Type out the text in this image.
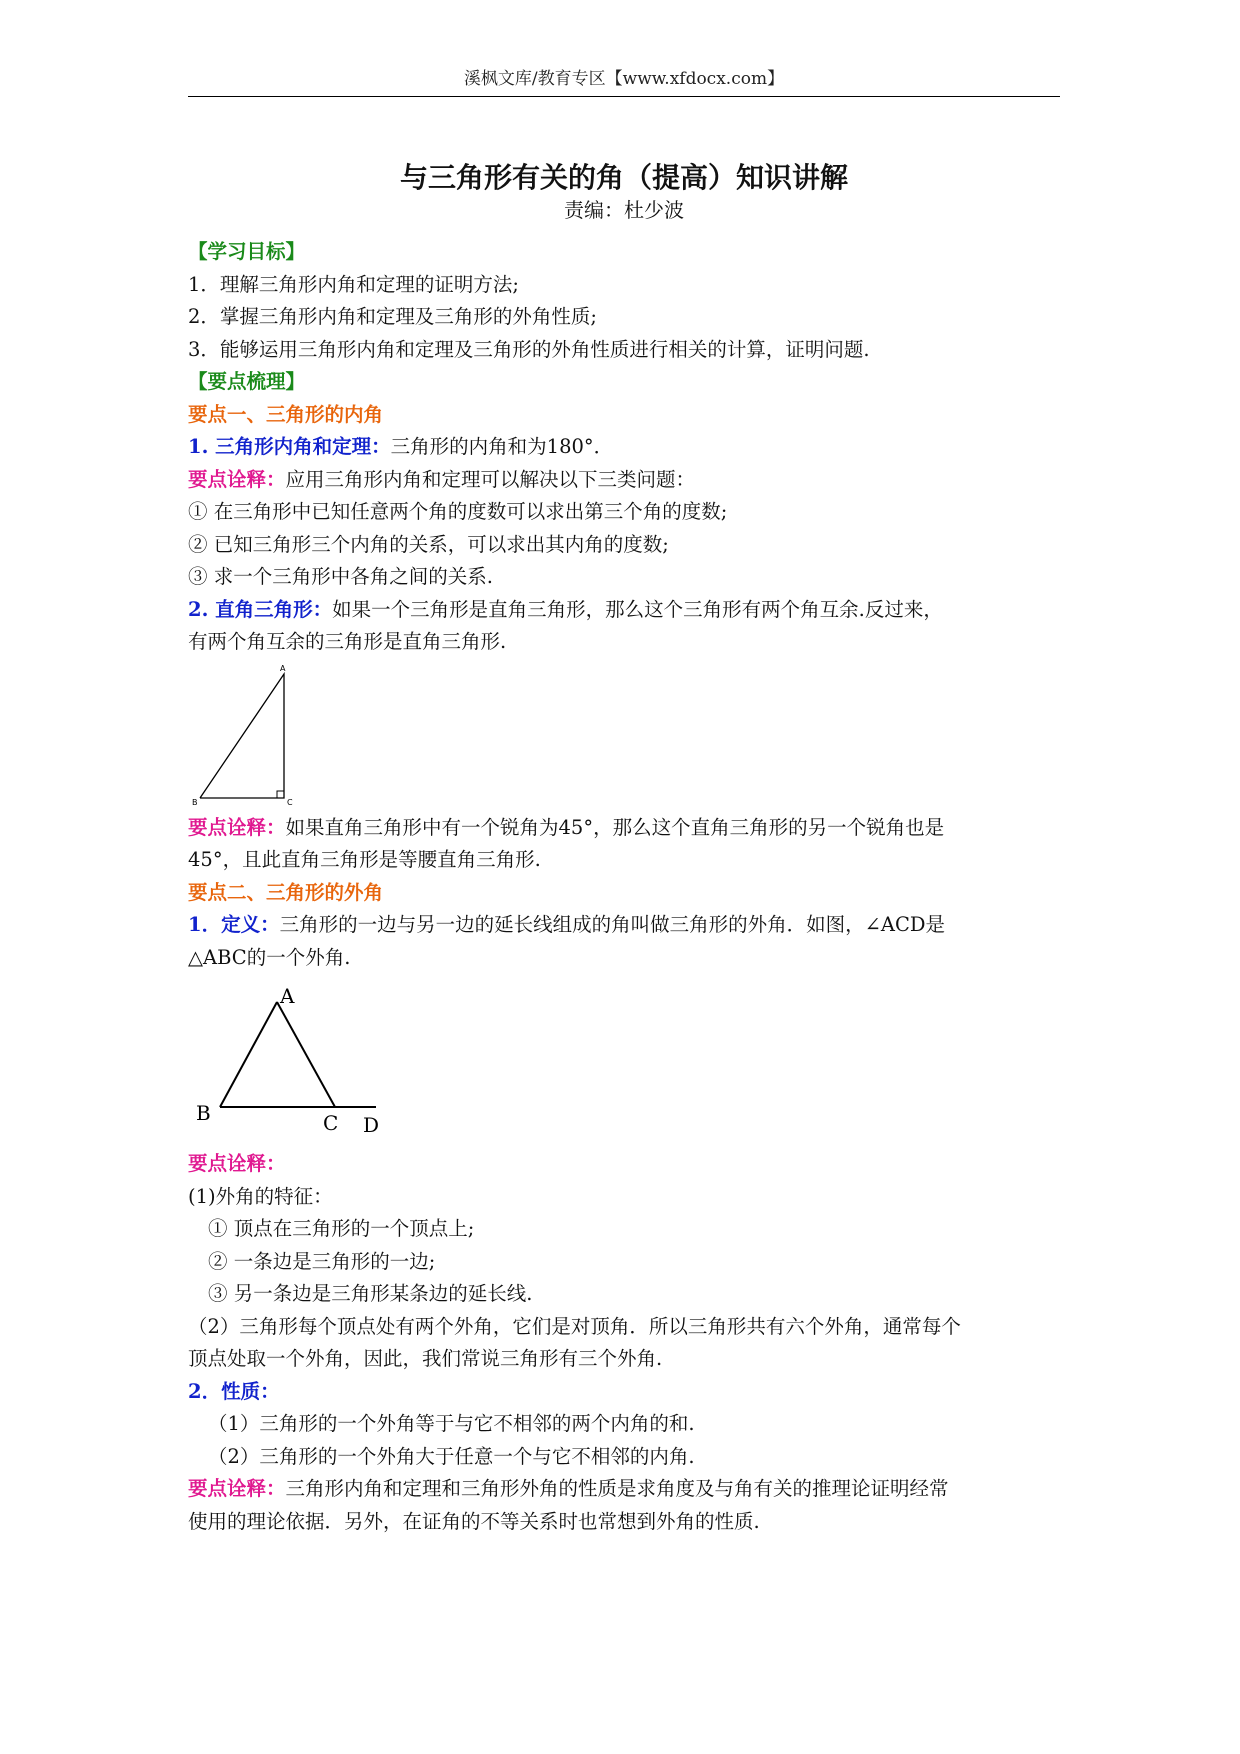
溪枫文库/教育专区【www.xfdocx.com】
与三角形有关的角（提高）知识讲解
责编：杜少波

【学习目标】

1．理解三角形内角和定理的证明方法;

2．掌握三角形内角和定理及三角形的外角性质;

3．能够运用三角形内角和定理及三角形的外角性质进行相关的计算，证明问题.

【要点梳理】

要点一、三角形的内角

1. 三角形内角和定理：三角形的内角和为180°．

要点诠释：应用三角形内角和定理可以解决以下三类问题：

① 在三角形中已知任意两个角的度数可以求出第三个角的度数;

② 已知三角形三个内角的关系，可以求出其内角的度数;

③ 求一个三角形中各角之间的关系.

2. 直角三角形：如果一个三角形是直角三角形，那么这个三角形有两个角互余.反过来，

有两个角互余的三角形是直角三角形.

A
B	C

要点诠释：如果直角三角形中有一个锐角为45°，那么这个直角三角形的另一个锐角也是

45°，且此直角三角形是等腰直角三角形.

要点二、三角形的外角

1．定义：三角形的一边与另一边的延长线组成的角叫做三角形的外角．如图，∠ACD是

△ABC的一个外角.

A
B	C D

要点诠释：

(1)外角的特征：

① 顶点在三角形的一个顶点上;

② 一条边是三角形的一边;

③ 另一条边是三角形某条边的延长线.

（2）三角形每个顶点处有两个外角，它们是对顶角．所以三角形共有六个外角，通常每个

顶点处取一个外角，因此，我们常说三角形有三个外角.

2．性质：

（1）三角形的一个外角等于与它不相邻的两个内角的和.

（2）三角形的一个外角大于任意一个与它不相邻的内角.

要点诠释：三角形内角和定理和三角形外角的性质是求角度及与角有关的推理论证明经常

使用的理论依据．另外，在证角的不等关系时也常想到外角的性质.
